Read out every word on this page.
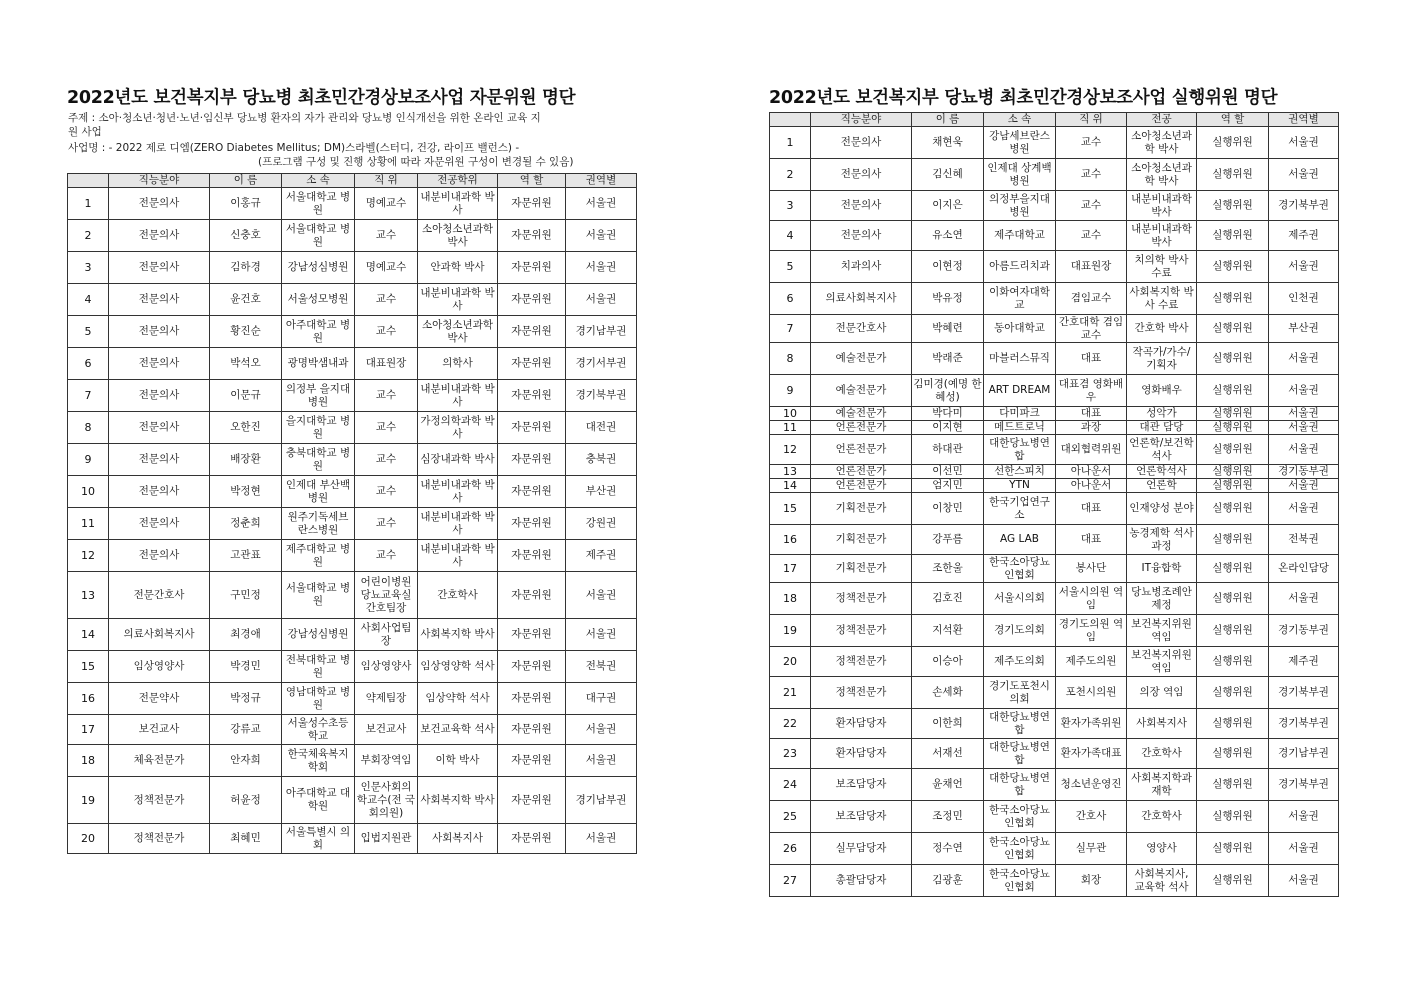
2022년도 보건복지부 당뇨병 최초민간경상보조사업 자문위원 명단
주제 : 소아·청소년·청년·노년·임신부 당뇨병 환자의 자가 관리와 당뇨병 인식개선을 위한 온라인 교육 지
원 사업
사업명 : - 2022 제로 디엠(ZERO Diabetes Mellitus; DM)스라벨(스터디, 건강, 라이프 밸런스) -
(프로그램 구성 및 진행 상황에 따라 자문위원 구성이 변경될 수 있음)
	직능분야	이 름	소 속	직 위	전공학위	역 할	권역별
1	전문의사	이홍규	서울대학교 병원	명예교수	내분비내과학 박사	자문위원	서울권
2	전문의사	신충호	서울대학교 병원	교수	소아청소년과학 박사	자문위원	서울권
3	전문의사	김하경	강남성심병원	명예교수	안과학 박사	자문위원	서울권
4	전문의사	윤건호	서울성모병원	교수	내분비내과학 박사	자문위원	서울권
5	전문의사	황진순	아주대학교 병원	교수	소아청소년과학 박사	자문위원	경기남부권
6	전문의사	박석오	광명박샘내과	대표원장	의학사	자문위원	경기서부권
7	전문의사	이문규	의정부 을지대병원	교수	내분비내과학 박사	자문위원	경기북부권
8	전문의사	오한진	을지대학교 병원	교수	가정의학과학 박사	자문위원	대전권
9	전문의사	배장환	충북대학교 병원	교수	심장내과학 박사	자문위원	충북권
10	전문의사	박정현	인제대 부산백병원	교수	내분비내과학 박사	자문위원	부산권
11	전문의사	정춘희	원주기독세브란스병원	교수	내분비내과학 박사	자문위원	강원권
12	전문의사	고관표	제주대학교 병원	교수	내분비내과학 박사	자문위원	제주권
13	전문간호사	구민정	서울대학교 병원	어린이병원 당뇨교육실 간호팀장	간호학사	자문위원	서울권
14	의료사회복지사	최경애	강남성심병원	사회사업팀장	사회복지학 박사	자문위원	서울권
15	임상영양사	박경민	전북대학교 병원	임상영양사	임상영양학 석사	자문위원	전북권
16	전문약사	박정규	영남대학교 병원	약제팀장	임상약학 석사	자문위원	대구권
17	보건교사	강류교	서울성수초등학교	보건교사	보건교육학 석사	자문위원	서울권
18	체육전문가	안자희	한국체육복지학회	부회장역임	이학 박사	자문위원	서울권
19	정책전문가	허윤정	아주대학교 대학원	인문사회의학교수(전 국회의원)	사회복지학 박사	자문위원	경기남부권
20	정책전문가	최혜민	서울특별시 의회	입법지원관	사회복지사	자문위원	서울권
2022년도 보건복지부 당뇨병 최초민간경상보조사업 실행위원 명단
	직능분야	이 름	소 속	직 위	전공	역 할	권역별
1	전문의사	채현욱	강남세브란스병원	교수	소아청소년과학 박사	실행위원	서울권
2	전문의사	김신혜	인제대 상계백병원	교수	소아청소년과학 박사	실행위원	서울권
3	전문의사	이지은	의정부을지대병원	교수	내분비내과학 박사	실행위원	경기북부권
4	전문의사	유소연	제주대학교	교수	내분비내과학 박사	실행위원	제주권
5	치과의사	이현정	아름드리치과	대표원장	치의학 박사 수료	실행위원	서울권
6	의료사회복지사	박유정	이화여자대학교	겸임교수	사회복지학 박사 수료	실행위원	인천권
7	전문간호사	박혜련	동아대학교	간호대학 겸임교수	간호학 박사	실행위원	부산권
8	예술전문가	박래준	마블러스뮤직	대표	작곡가/가수/기획자	실행위원	서울권
9	예술전문가	김미경(예명 한혜성)	ART DREAM	대표겸 영화배우	영화배우	실행위원	서울권
10	예술전문가	박다미	다미파크	대표	성악가	실행위원	서울권
11	언론전문가	이지현	메드트로닉	과장	대관 담당	실행위원	서울권
12	언론전문가	하대관	대한당뇨병연합	대외협력위원	언론학/보건학 석사	실행위원	서울권
13	언론전문가	이선민	선한스피치	아나운서	언론학석사	실행위원	경기동부권
14	언론전문가	엄지민	YTN	아나운서	언론학	실행위원	서울권
15	기획전문가	이창민	한국기업연구소	대표	인재양성 분야	실행위원	서울권
16	기획전문가	강푸름	AG LAB	대표	농경제학 석사 과정	실행위원	전북권
17	기획전문가	조한울	한국소아당뇨인협회	봉사단	IT융합학	실행위원	온라인담당
18	정책전문가	김호진	서울시의회	서울시의원 역임	당뇨병조례안 제정	실행위원	서울권
19	정책전문가	지석환	경기도의회	경기도의원 역임	보건복지위원 역임	실행위원	경기동부권
20	정책전문가	이승아	제주도의회	제주도의원	보건복지위원 역임	실행위원	제주권
21	정책전문가	손세화	경기도포천시의회	포천시의원	의장 역임	실행위원	경기북부권
22	환자담당자	이한희	대한당뇨병연합	환자가족위원	사회복지사	실행위원	경기북부권
23	환자담당자	서재선	대한당뇨병연합	환자가족대표	간호학사	실행위원	경기남부권
24	보조담당자	윤채언	대한당뇨병연합	청소년운영진	사회복지학과 재학	실행위원	경기북부권
25	보조담당자	조정민	한국소아당뇨인협회	간호사	간호학사	실행위원	서울권
26	실무담당자	정수연	한국소아당뇨인협회	실무관	영양사	실행위원	서울권
27	총괄담당자	김광훈	한국소아당뇨인협회	회장	사회복지사, 교육학 석사	실행위원	서울권
